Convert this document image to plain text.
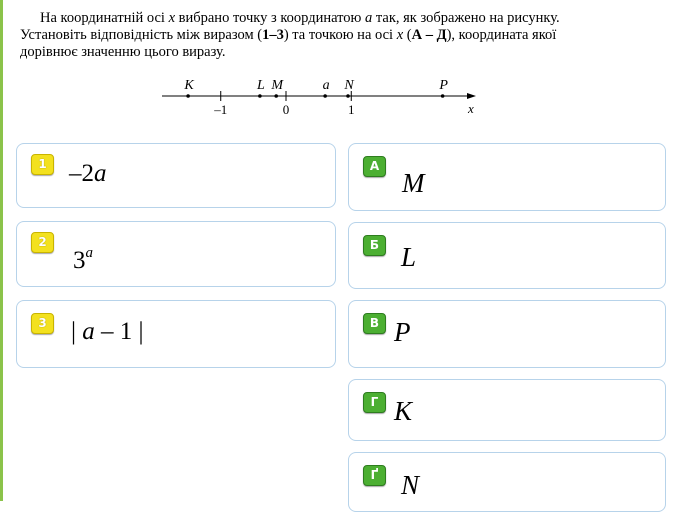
На координатній осі x вибрано точку з координатою a так, як зображено на рисунку.
Установіть відповідність між виразом (1–3) та точкою на осі x (А – Д), координата якої
дорівнює значенню цього виразу.
x
–1	0	1
K	L M	a N	P
1 –2a
2
3$^a$
3 | a – 1 |
А
M
Б L
В P
Г K
Ґ N
